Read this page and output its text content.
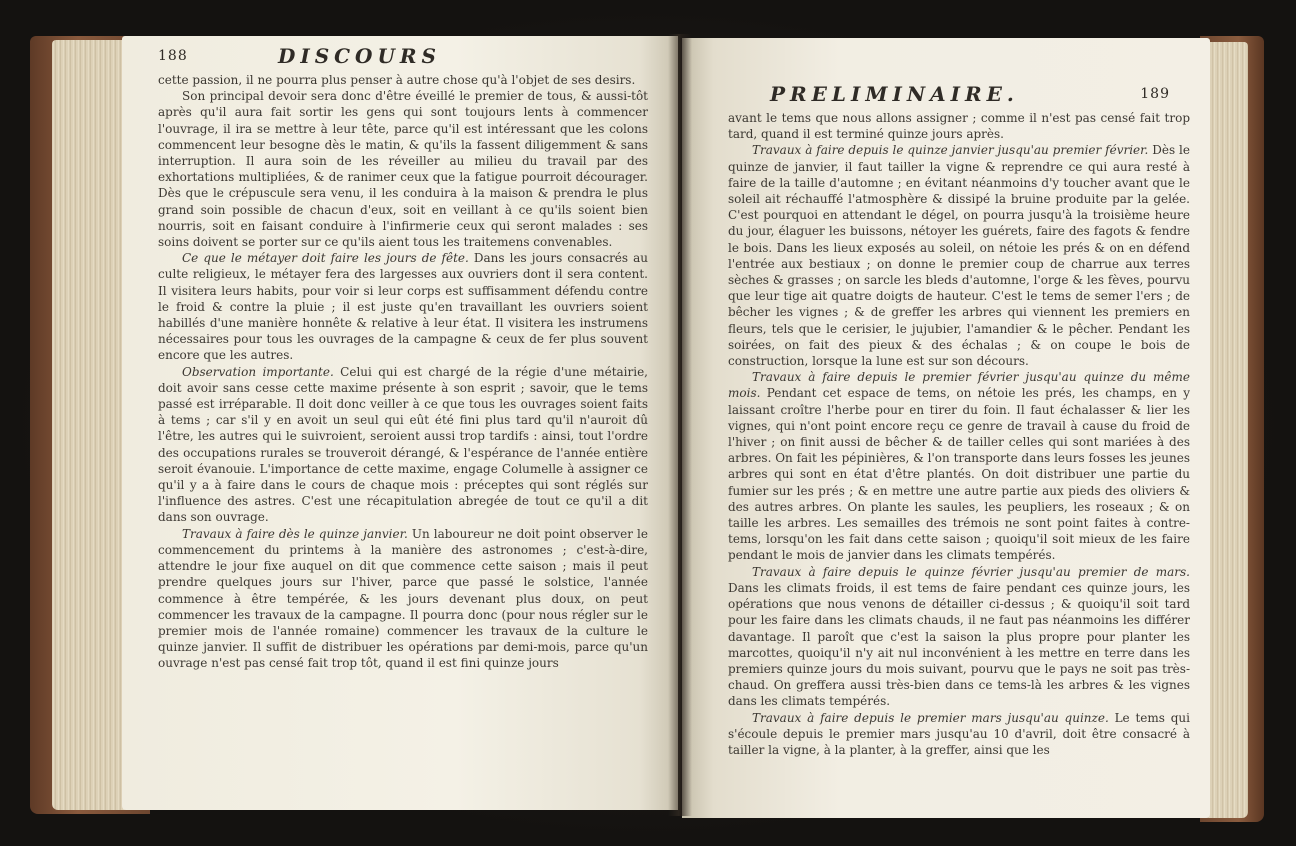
188	DISCOURS

cette passion, il ne pourra plus penser à autre chose qu'à l'objet de ses desirs.

Son principal devoir sera donc d'être éveillé le premier de tous, & aussi-tôt après qu'il aura fait sortir les gens qui sont toujours lents à commencer l'ouvrage, il ira se mettre à leur tête, parce qu'il est intéressant que les colons commencent leur besogne dès le matin, & qu'ils la fassent diligemment & sans interruption. Il aura soin de les réveiller au milieu du travail par des exhortations multipliées, & de ranimer ceux que la fatigue pourroit décourager. Dès que le crépuscule sera venu, il les conduira à la maison & prendra le plus grand soin possible de chacun d'eux, soit en veillant à ce qu'ils soient bien nourris, soit en faisant conduire à l'infirmerie ceux qui seront malades : ses soins doivent se porter sur ce qu'ils aient tous les traitemens convenables.

Ce que le métayer doit faire les jours de fête. Dans les jours consacrés au culte religieux, le métayer fera des largesses aux ouvriers dont il sera content. Il visitera leurs habits, pour voir si leur corps est suffisamment défendu contre le froid & contre la pluie ; il est juste qu'en travaillant les ouvriers soient habillés d'une manière honnête & relative à leur état. Il visitera les instrumens nécessaires pour tous les ouvrages de la campagne & ceux de fer plus souvent encore que les autres.

Observation importante. Celui qui est chargé de la régie d'une métairie, doit avoir sans cesse cette maxime présente à son esprit ; savoir, que le tems passé est irréparable. Il doit donc veiller à ce que tous les ouvrages soient faits à tems ; car s'il y en avoit un seul qui eût été fini plus tard qu'il n'auroit dû l'être, les autres qui le suivroient, seroient aussi trop tardifs : ainsi, tout l'ordre des occupations rurales se trouveroit dérangé, & l'espérance de l'année entière seroit évanouie. L'importance de cette maxime, engage Columelle à assigner ce qu'il y a à faire dans le cours de chaque mois : préceptes qui sont réglés sur l'influence des astres. C'est une récapitulation abregée de tout ce qu'il a dit dans son ouvrage.

Travaux à faire dès le quinze janvier. Un laboureur ne doit point observer le commencement du printems à la manière des astronomes ; c'est-à-dire, attendre le jour fixe auquel on dit que commence cette saison ; mais il peut prendre quelques jours sur l'hiver, parce que passé le solstice, l'année commence à être tempérée, & les jours devenant plus doux, on peut commencer les travaux de la campagne. Il pourra donc (pour nous régler sur le premier mois de l'année romaine) commencer les travaux de la culture le quinze janvier. Il suffit de distribuer les opérations par demi-mois, parce qu'un ouvrage n'est pas censé fait trop tôt, quand il est fini quinze jours

PRELIMINAIRE.	189

avant le tems que nous allons assigner ; comme il n'est pas censé fait trop tard, quand il est terminé quinze jours après.

Travaux à faire depuis le quinze janvier jusqu'au premier février. Dès le quinze de janvier, il faut tailler la vigne & reprendre ce qui aura resté à faire de la taille d'automne ; en évitant néanmoins d'y toucher avant que le soleil ait réchauffé l'atmosphère & dissipé la bruine produite par la gelée. C'est pourquoi en attendant le dégel, on pourra jusqu'à la troisième heure du jour, élaguer les buissons, nétoyer les guérets, faire des fagots & fendre le bois. Dans les lieux exposés au soleil, on nétoie les prés & on en défend l'entrée aux bestiaux ; on donne le premier coup de charrue aux terres sèches & grasses ; on sarcle les bleds d'automne, l'orge & les fèves, pourvu que leur tige ait quatre doigts de hauteur. C'est le tems de semer l'ers ; de bêcher les vignes ; & de greffer les arbres qui viennent les premiers en fleurs, tels que le cerisier, le jujubier, l'amandier & le pêcher. Pendant les soirées, on fait des pieux & des échalas ; & on coupe le bois de construction, lorsque la lune est sur son décours.

Travaux à faire depuis le premier février jusqu'au quinze du même mois. Pendant cet espace de tems, on nétoie les prés, les champs, en y laissant croître l'herbe pour en tirer du foin. Il faut échalasser & lier les vignes, qui n'ont point encore reçu ce genre de travail à cause du froid de l'hiver ; on finit aussi de bêcher & de tailler celles qui sont mariées à des arbres. On fait les pépinières, & l'on transporte dans leurs fosses les jeunes arbres qui sont en état d'être plantés. On doit distribuer une partie du fumier sur les prés ; & en mettre une autre partie aux pieds des oliviers & des autres arbres. On plante les saules, les peupliers, les roseaux ; & on taille les arbres. Les semailles des trémois ne sont point faites à contre-tems, lorsqu'on les fait dans cette saison ; quoiqu'il soit mieux de les faire pendant le mois de janvier dans les climats tempérés.

Travaux à faire depuis le quinze février jusqu'au premier de mars. Dans les climats froids, il est tems de faire pendant ces quinze jours, les opérations que nous venons de détailler ci-dessus ; & quoiqu'il soit tard pour les faire dans les climats chauds, il ne faut pas néanmoins les différer davantage. Il paroît que c'est la saison la plus propre pour planter les marcottes, quoiqu'il n'y ait nul inconvénient à les mettre en terre dans les premiers quinze jours du mois suivant, pourvu que le pays ne soit pas très-chaud. On greffera aussi très-bien dans ce tems-là les arbres & les vignes dans les climats tempérés.

Travaux à faire depuis le premier mars jusqu'au quinze. Le tems qui s'écoule depuis le premier mars jusqu'au 10 d'avril, doit être consacré à tailler la vigne, à la planter, à la greffer, ainsi que les
